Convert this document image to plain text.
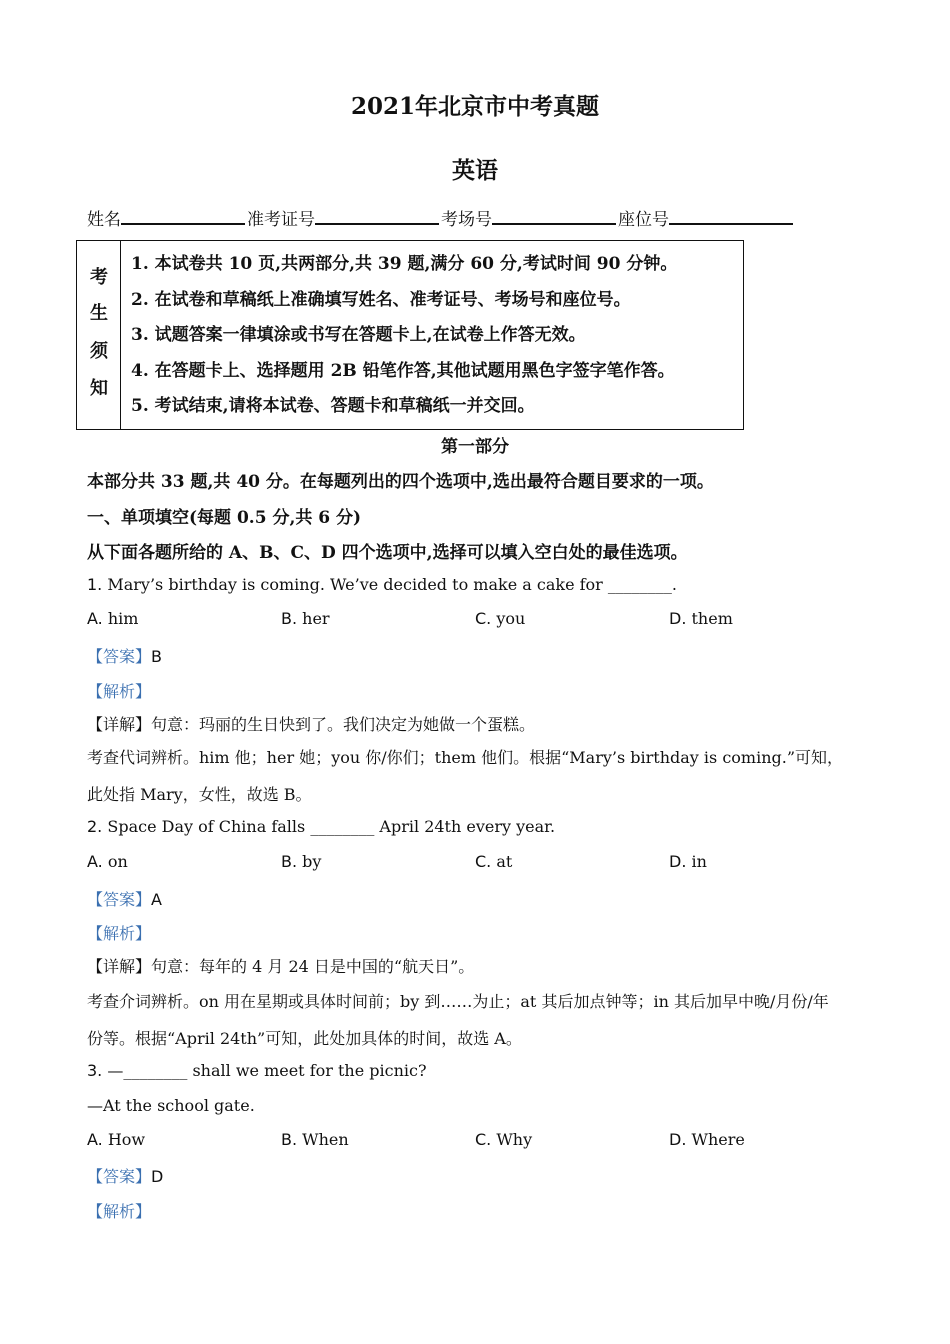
2021年北京市中考真题
英语
姓名	准考证号	考场号	座位号
考
生
须
知
1. 本试卷共 10 页,共两部分,共 39 题,满分 60 分,考试时间 90 分钟。
2. 在试卷和草稿纸上准确填写姓名、准考证号、考场号和座位号。
3. 试题答案一律填涂或书写在答题卡上,在试卷上作答无效。
4. 在答题卡上、选择题用 2B 铅笔作答,其他试题用黑色字签字笔作答。
5. 考试结束,请将本试卷、答题卡和草稿纸一并交回。
第一部分
本部分共 33 题,共 40 分。在每题列出的四个选项中,选出最符合题目要求的一项。
一、单项填空(每题 0.5 分,共 6 分)
从下面各题所给的 A、B、C、D 四个选项中,选择可以填入空白处的最佳选项。
1. Mary’s birthday is coming. We’ve decided to make a cake for ________.
A. him	B. her	C. you	D. them
【答案】B
【解析】
【详解】句意：玛丽的生日快到了。我们决定为她做一个蛋糕。
考查代词辨析。him 他；her 她；you 你/你们；them 他们。根据“Mary’s birthday is coming.”可知，
此处指 Mary，女性，故选 B。
2. Space Day of China falls ________ April 24th every year.
A. on	B. by	C. at	D. in
【答案】A
【解析】
【详解】句意：每年的 4 月 24 日是中国的“航天日”。
考查介词辨析。on 用在星期或具体时间前；by 到……为止；at 其后加点钟等；in 其后加早中晚/月份/年
份等。根据“April 24th”可知，此处加具体的时间，故选 A。
3. —________ shall we meet for the picnic?
—At the school gate.
A. How	B. When	C. Why	D. Where
【答案】D
【解析】
